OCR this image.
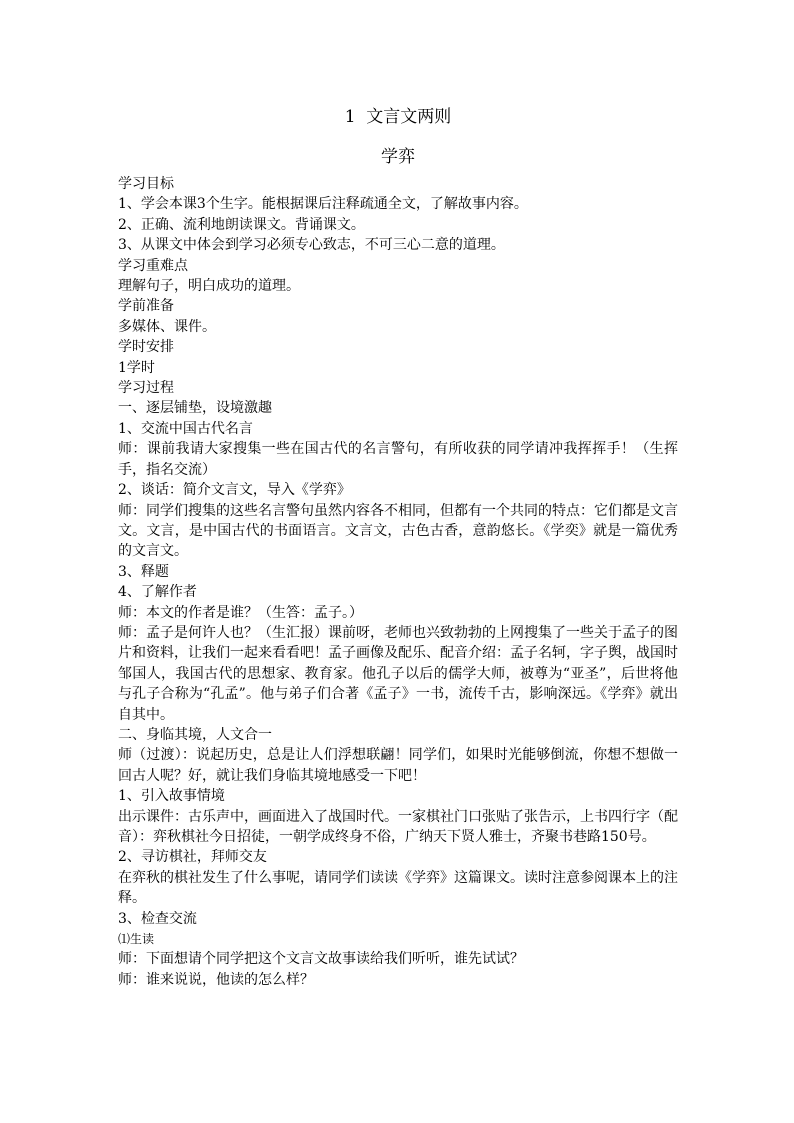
1  文言文两则
学弈

学习目标

1、学会本课3个生字。能根据课后注释疏通全文，了解故事内容。

2、正确、流利地朗读课文。背诵课文。

3、从课文中体会到学习必须专心致志，不可三心二意的道理。

学习重难点

理解句子，明白成功的道理。

学前准备

多媒体、课件。

学时安排

1学时

学习过程

一、逐层铺垫，设境激趣

1、交流中国古代名言

师：课前我请大家搜集一些在国古代的名言警句，有所收获的同学请冲我挥挥手！（生挥手，指名交流）

2、谈话：简介文言文，导入《学弈》

师：同学们搜集的这些名言警句虽然内容各不相同，但都有一个共同的特点：它们都是文言文。文言，是中国古代的书面语言。文言文，古色古香，意韵悠长。《学奕》就是一篇优秀的文言文。

3、释题

4、了解作者

师：本文的作者是谁？（生答：孟子。）

师：孟子是何许人也？（生汇报）课前呀，老师也兴致勃勃的上网搜集了一些关于孟子的图片和资料，让我们一起来看看吧！孟子画像及配乐、配音介绍：孟子名轲，字子舆，战国时邹国人，我国古代的思想家、教育家。他孔子以后的儒学大师，被尊为“亚圣”，后世将他与孔子合称为“孔孟”。他与弟子们合著《孟子》一书，流传千古，影响深远。《学弈》就出自其中。

二、身临其境，人文合一

师（过渡）：说起历史，总是让人们浮想联翩！同学们，如果时光能够倒流，你想不想做一回古人呢？好，就让我们身临其境地感受一下吧！

1、引入故事情境

出示课件：古乐声中，画面进入了战国时代。一家棋社门口张贴了张告示，上书四行字（配音）：弈秋棋社今日招徒，一朝学成终身不俗，广纳天下贤人雅士，齐聚书巷路150号。

2、寻访棋社，拜师交友

在弈秋的棋社发生了什么事呢，请同学们读读《学弈》这篇课文。读时注意参阅课本上的注释。

3、检查交流

⑴生读

师：下面想请个同学把这个文言文故事读给我们听听，谁先试试？

师：谁来说说，他读的怎么样？
